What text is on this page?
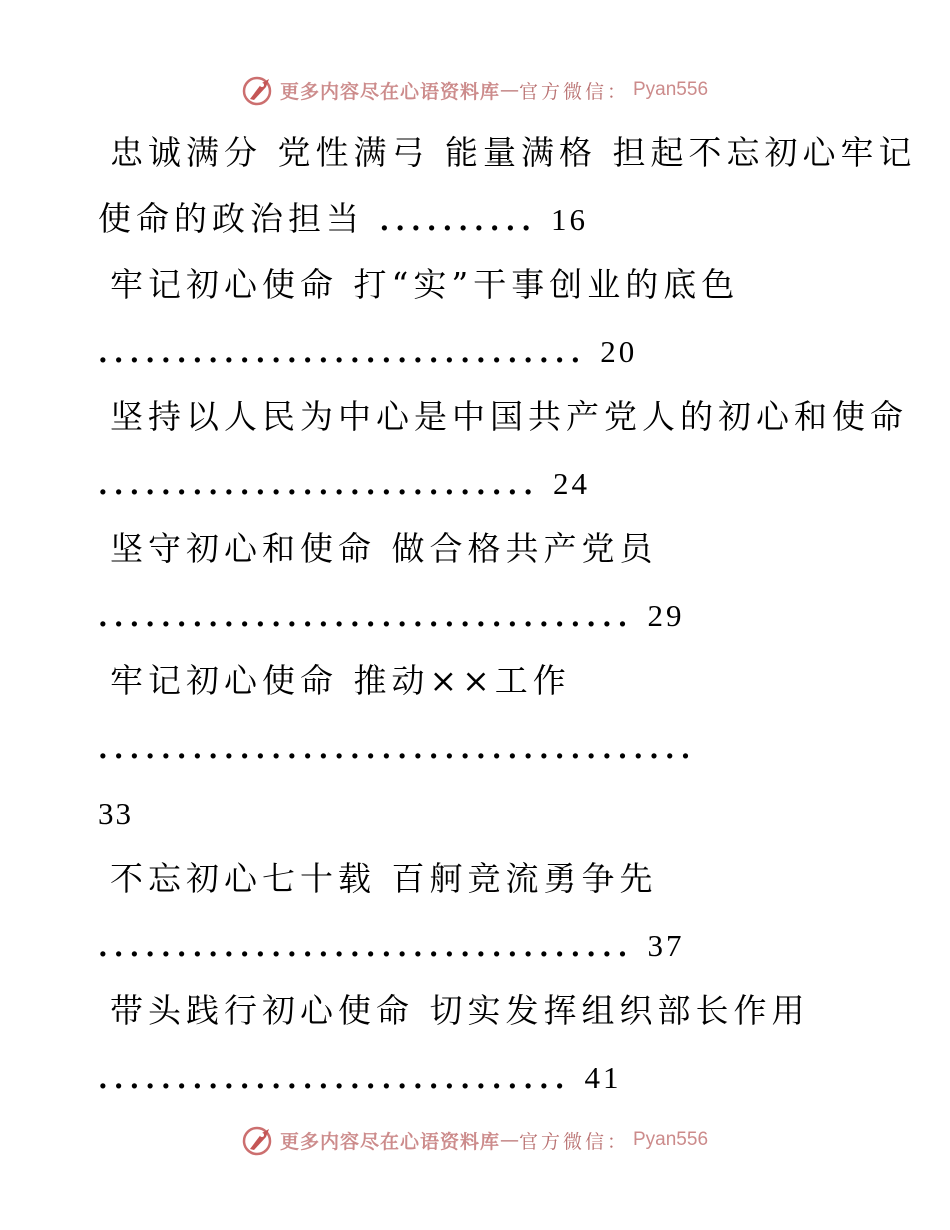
更多内容尽在心语资料库 — 官方微信： Pyan556
忠诚满分 党性满弓 能量满格 担起不忘初心牢记
使命的政治担当 .......... 16
牢记初心使命 打“实”干事创业的底色
............................... 20
坚持以人民为中心是中国共产党人的初心和使命
............................ 24
坚守初心和使命 做合格共产党员
.................................. 29
牢记初心使命 推动××工作
......................................
33
不忘初心七十载 百舸竞流勇争先
.................................. 37
带头践行初心使命 切实发挥组织部长作用
.............................. 41
更多内容尽在心语资料库 — 官方微信： Pyan556
